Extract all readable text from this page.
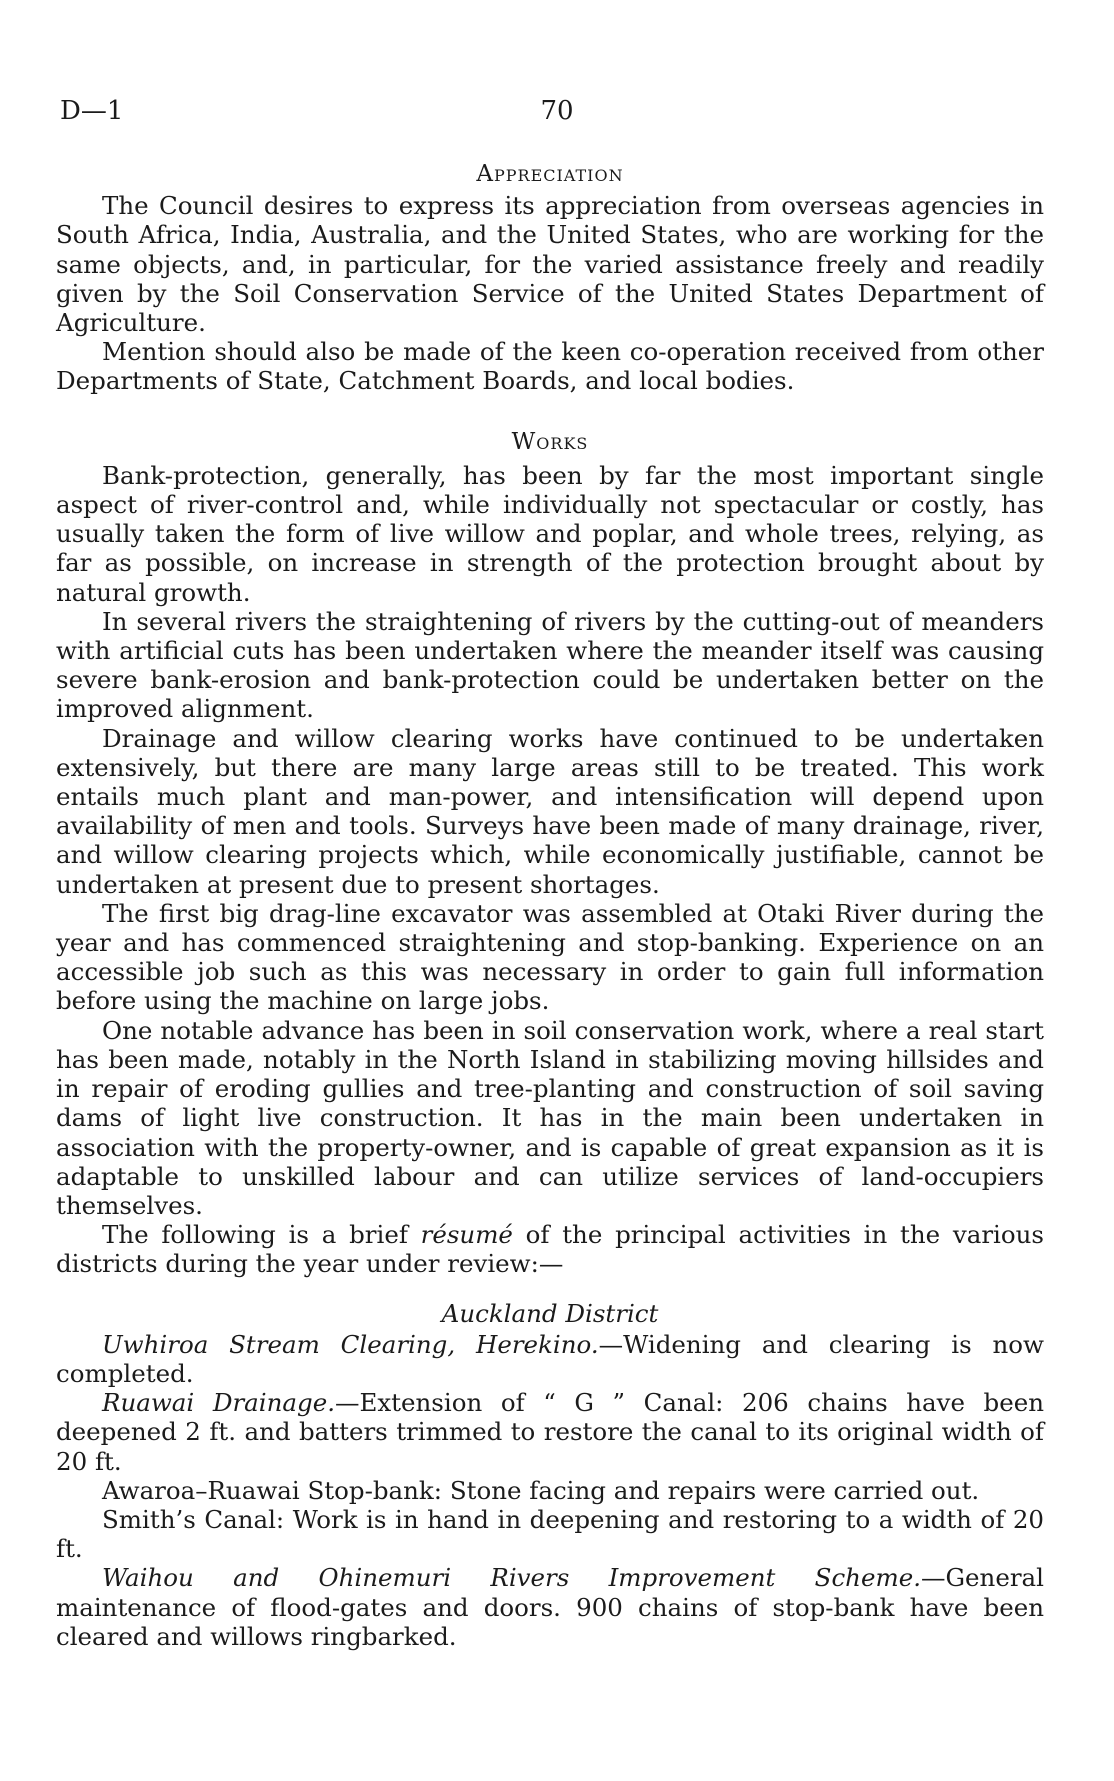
D—1	70
Appreciation

The Council desires to express its appreciation from overseas agencies in South Africa, India, Australia, and the United States, who are working for the same objects, and, in particular, for the varied assistance freely and readily given by the Soil Conservation Service of the United States Department of Agriculture.

Mention should also be made of the keen co-operation received from other Departments of State, Catchment Boards, and local bodies.

Works

Bank-protection, generally, has been by far the most important single aspect of river-control and, while individually not spectacular or costly, has usually taken the form of live willow and poplar, and whole trees, relying, as far as possible, on increase in strength of the protection brought about by natural growth.

In several rivers the straightening of rivers by the cutting-out of meanders with artificial cuts has been undertaken where the meander itself was causing severe bank-erosion and bank-protection could be undertaken better on the improved alignment.

Drainage and willow clearing works have continued to be undertaken extensively, but there are many large areas still to be treated. This work entails much plant and man-power, and intensification will depend upon availability of men and tools. Surveys have been made of many drainage, river, and willow clearing projects which, while economically justifiable, cannot be undertaken at present due to present shortages.

The first big drag-line excavator was assembled at Otaki River during the year and has commenced straightening and stop-banking. Experience on an accessible job such as this was necessary in order to gain full information before using the machine on large jobs.

One notable advance has been in soil conservation work, where a real start has been made, notably in the North Island in stabilizing moving hillsides and in repair of eroding gullies and tree-planting and construction of soil saving dams of light live construction. It has in the main been undertaken in association with the property-owner, and is capable of great expansion as it is adaptable to unskilled labour and can utilize services of land-occupiers themselves.

The following is a brief résumé of the principal activities in the various districts during the year under review:—

Auckland District

Uwhiroa Stream Clearing, Herekino.—Widening and clearing is now completed.

Ruawai Drainage.—Extension of “ G ” Canal: 206 chains have been deepened 2 ft. and batters trimmed to restore the canal to its original width of 20 ft.

Awaroa–Ruawai Stop-bank: Stone facing and repairs were carried out.

Smith’s Canal: Work is in hand in deepening and restoring to a width of 20 ft.

Waihou and Ohinemuri Rivers Improvement Scheme.—General maintenance of flood-gates and doors. 900 chains of stop-bank have been cleared and willows ringbarked.
